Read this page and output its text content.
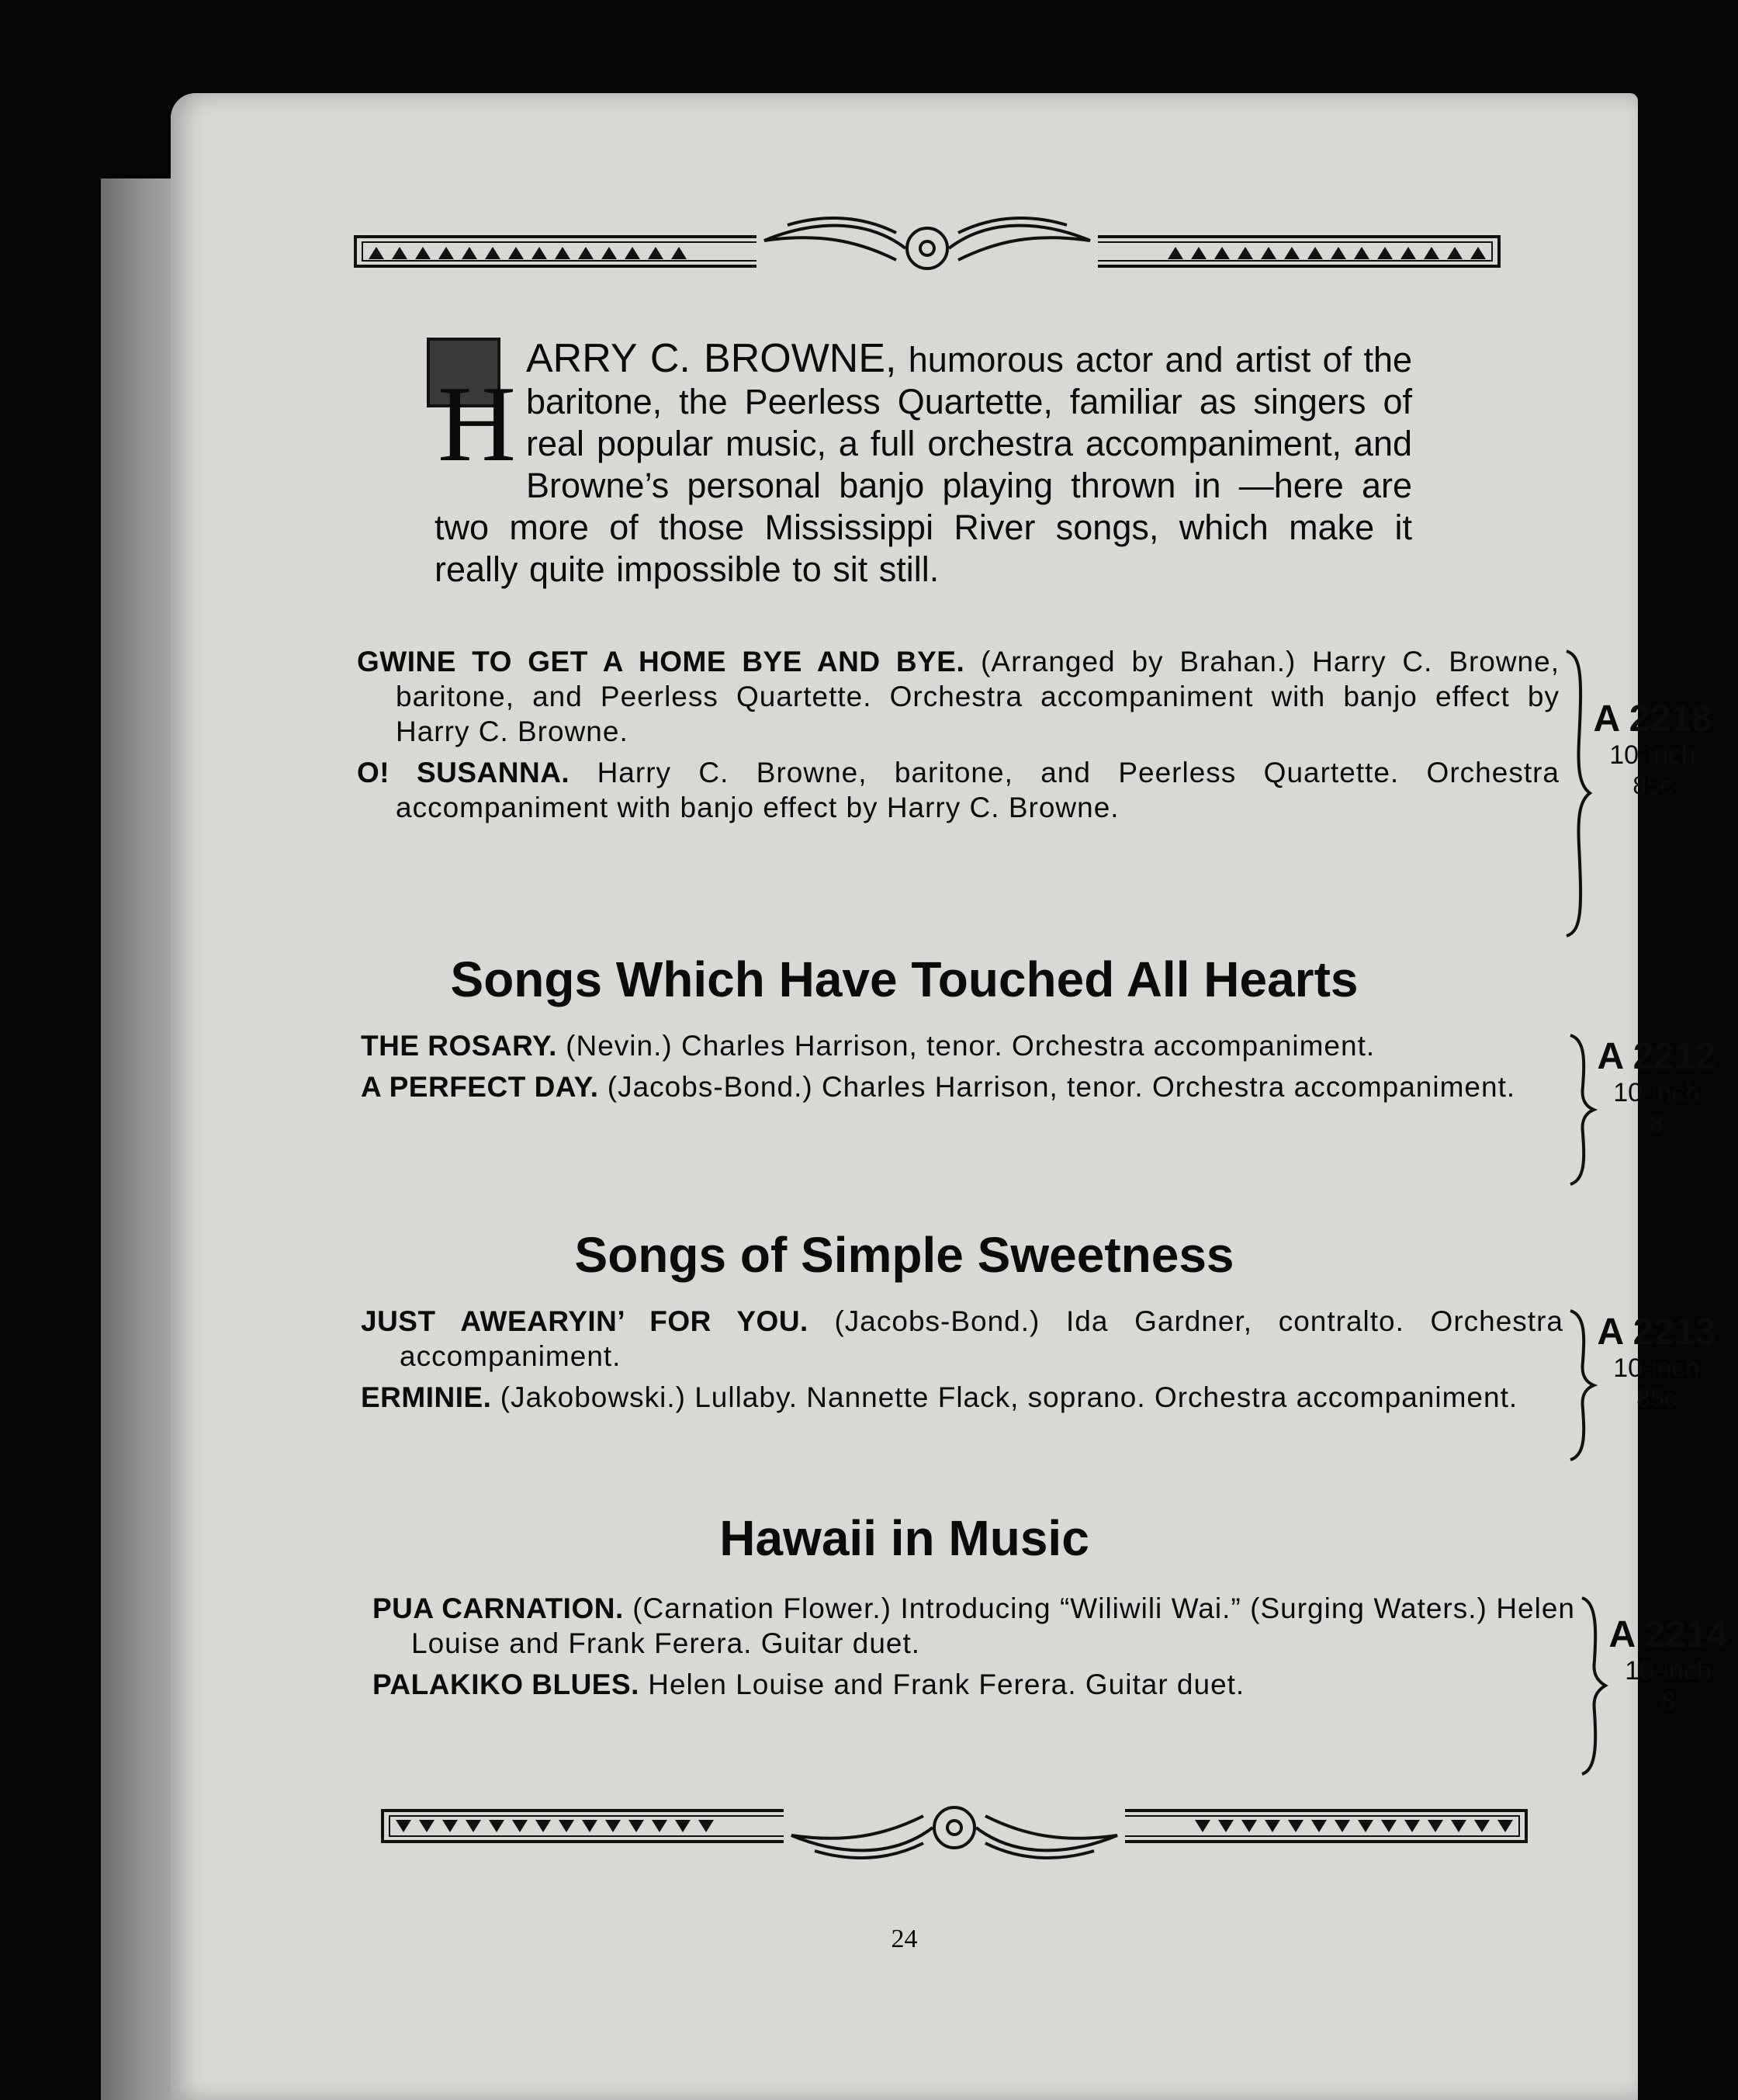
H
ARRY C. BROWNE, humorous actor and artist of the baritone, the Peerless Quartette, familiar as singers of real popular music, a full orchestra accompaniment, and Browne’s personal banjo playing thrown in —here are two more of those Mississippi River songs, which make it really quite impossible to sit still.

GWINE TO GET A HOME BYE AND BYE. (Arranged by Brahan.) Harry C. Browne, baritone, and Peerless Quartette. Orchestra accompaniment with banjo effect by Harry C. Browne.

O! SUSANNA. Harry C. Browne, baritone, and Peerless Quartette. Orchestra accompaniment with banjo effect by Harry C. Browne.

A 2218
10-inch
85c
Songs Which Have Touched All Hearts

THE ROSARY. (Nevin.) Charles Harrison, tenor. Orchestra accompaniment.

A PERFECT DAY. (Jacobs-Bond.) Charles Harrison, tenor. Orchestra accompaniment.

A 2212
10-inch
8
Songs of Simple Sweetness

JUST AWEARYIN’ FOR YOU. (Jacobs-Bond.) Ida Gardner, contralto. Orchestra accompaniment.

ERMINIE. (Jakobowski.) Lullaby. Nannette Flack, soprano. Orchestra accompaniment.

A 2213
10-inch
85c
Hawaii in Music

PUA CARNATION. (Carnation Flower.) Introducing “Wiliwili Wai.” (Surging Waters.) Helen Louise and Frank Ferera. Guitar duet.

PALAKIKO BLUES. Helen Louise and Frank Ferera. Guitar duet.

A 2214
10-inch
8
24
